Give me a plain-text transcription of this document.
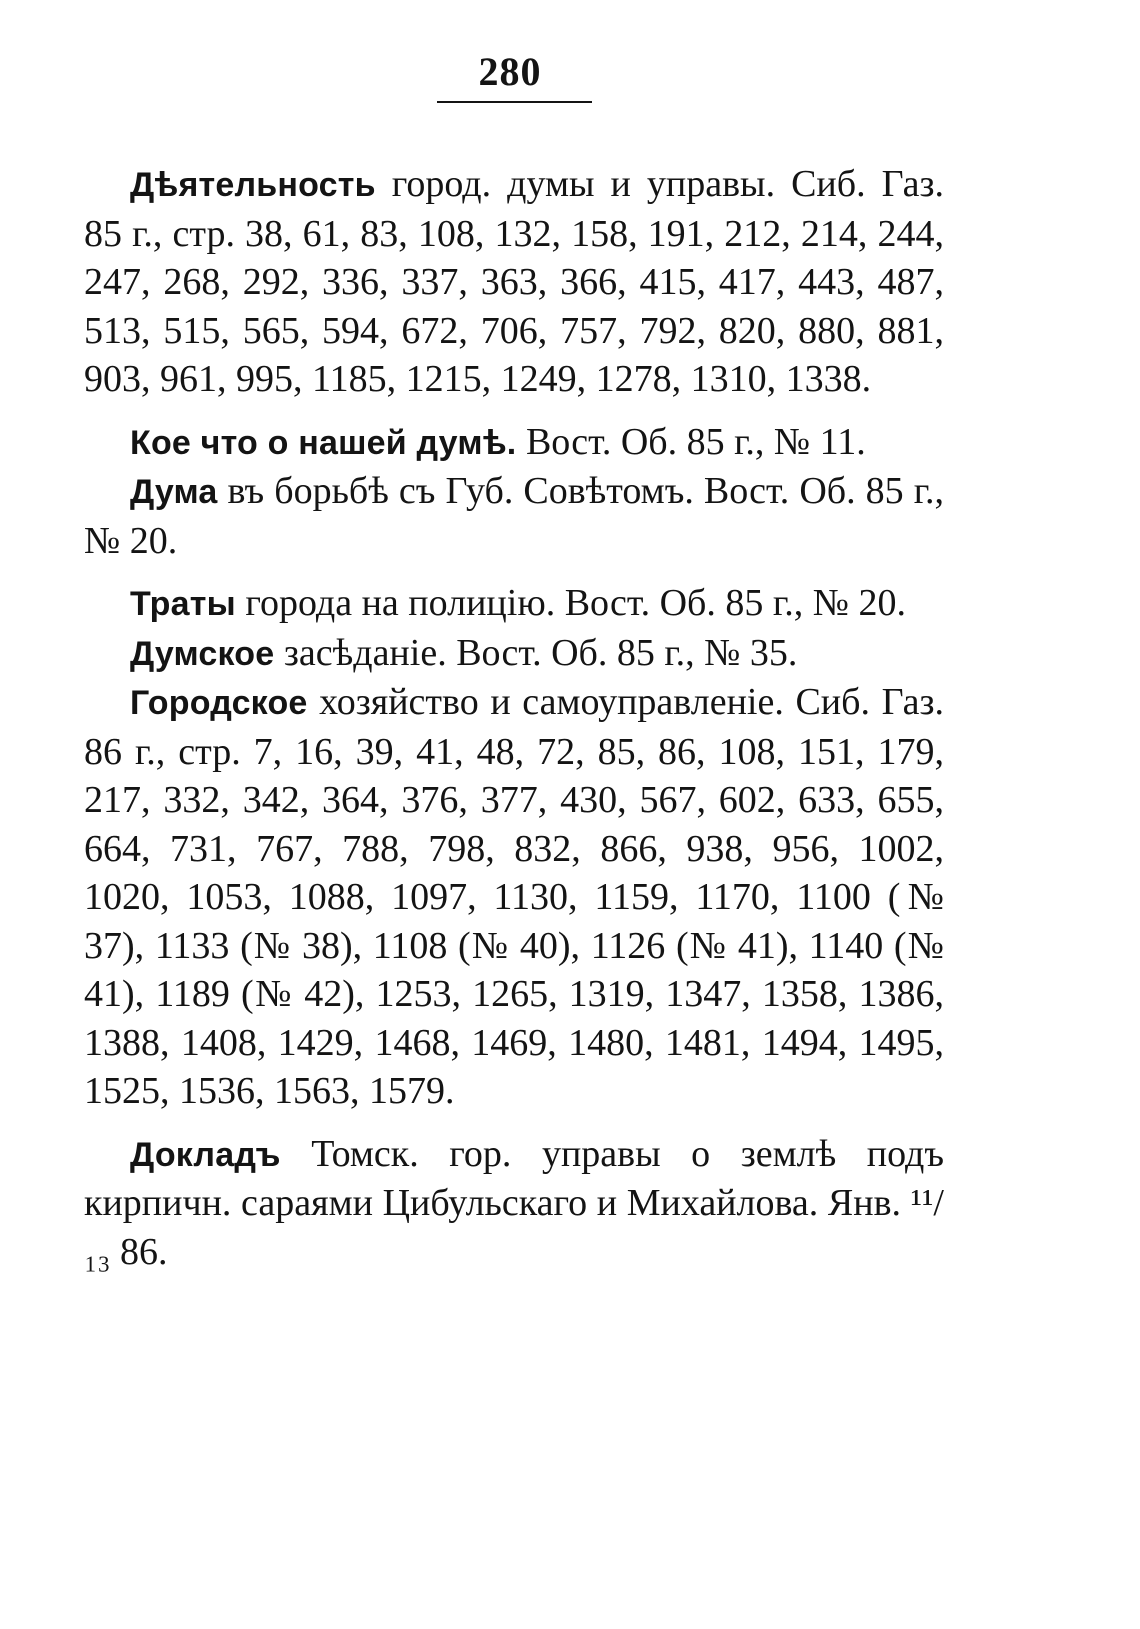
280

Дѣятельность город. думы и управы. Сиб. Газ. 85 г., стр. 38, 61, 83, 108, 132, 158, 191, 212, 214, 244, 247, 268, 292, 336, 337, 363, 366, 415, 417, 443, 487, 513, 515, 565, 594, 672, 706, 757, 792, 820, 880, 881, 903, 961, 995, 1185, 1215, 1249, 1278, 1310, 1338.

Кое что о нашей думѣ. Вост. Об. 85 г., № 11.

Дума въ борьбѣ съ Губ. Совѣтомъ. Вост. Об. 85 г., № 20.

Траты города на полицію. Вост. Об. 85 г., № 20.

Думское засѣданіе. Вост. Об. 85 г., № 35.

Городское хозяйство и самоуправленіе. Сиб. Газ. 86 г., стр. 7, 16, 39, 41, 48, 72, 85, 86, 108, 151, 179, 217, 332, 342, 364, 376, 377, 430, 567, 602, 633, 655, 664, 731, 767, 788, 798, 832, 866, 938, 956, 1002, 1020, 1053, 1088, 1097, 1130, 1159, 1170, 1100 (№ 37), 1133 (№ 38), 1108 (№ 40), 1126 (№ 41), 1140 (№ 41), 1189 (№ 42), 1253, 1265, 1319, 1347, 1358, 1386, 1388, 1408, 1429, 1468, 1469, 1480, 1481, 1494, 1495, 1525, 1536, 1563, 1579.

Докладъ Томск. гор. управы о землѣ подъ кирпичн. сараями Цибульскаго и Михайлова. Янв. ¹¹/₁₃ 86.
